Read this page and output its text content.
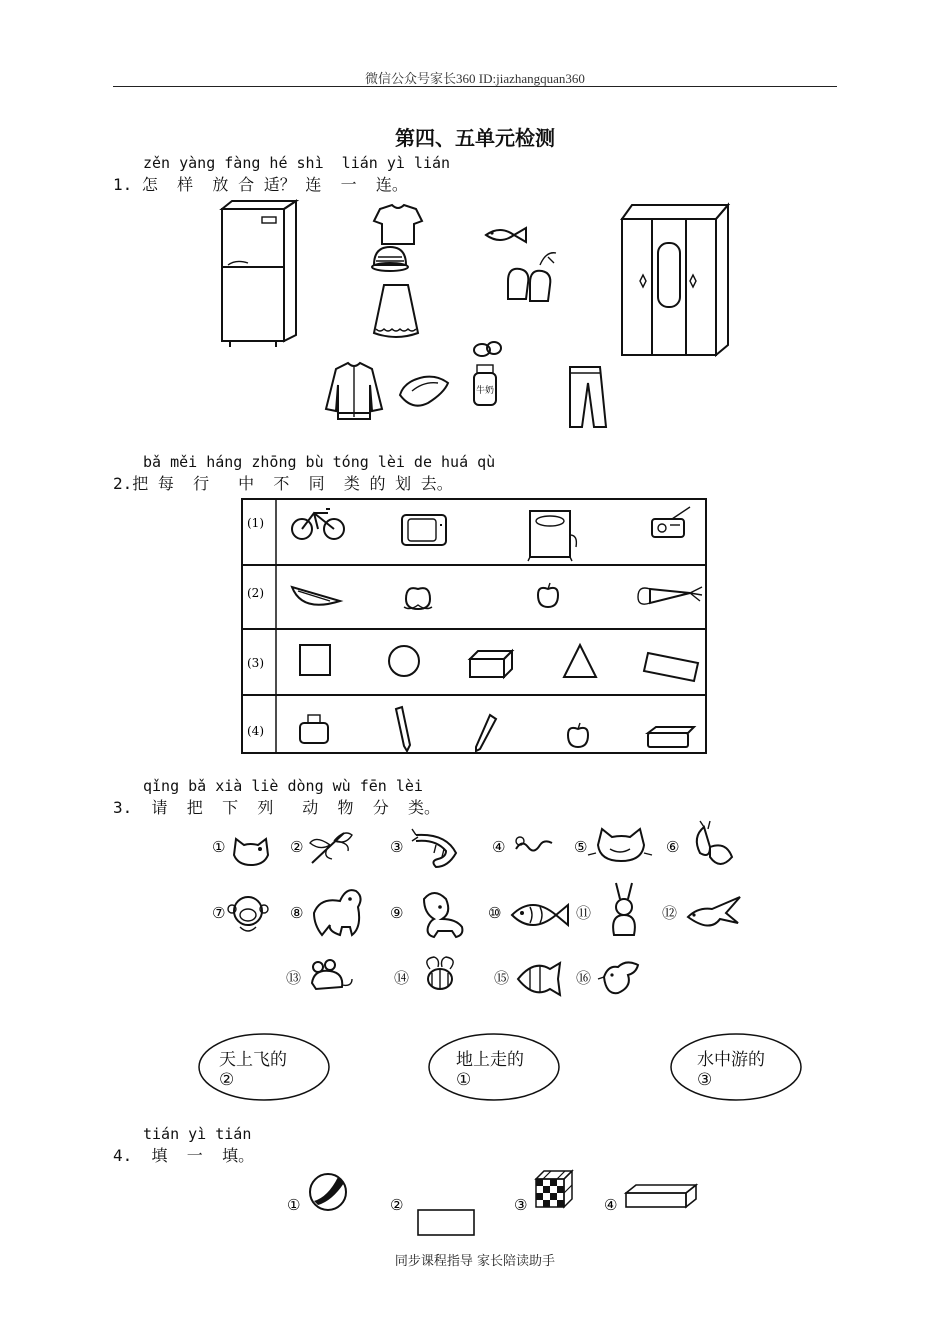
微信公众号家长360 ID:jiazhangquan360
第四、五单元检测
zěn yàng fàng hé shì  lián yì lián
1. 怎  样  放 合 适？ 连  一  连。
牛奶
bǎ měi háng zhōng bù tóng lèi de huá qù
2.把 每  行   中  不  同  类 的 划 去。
(1)
(2)
(3)
(4)
qǐng bǎ xià liè dòng wù fēn lèi
3.  请  把  下  列   动  物  分  类。
①	②	③	④	⑤	⑥
⑦	⑧	⑨	⑩	⑪	⑫
⑬	⑭	⑮	⑯
天上飞的
②
地上走的
①
水中游的
③
tián yì tián
4.  填  一  填。
①	②	③	④
同步课程指导 家长陪读助手
